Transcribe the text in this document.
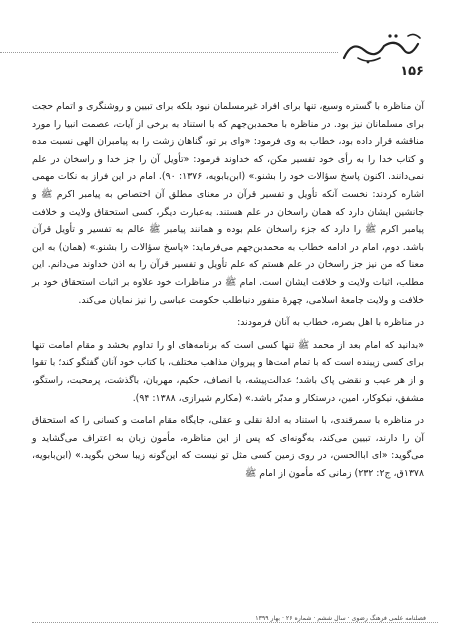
۱۵۶

آن مناظره با گستره وسیع، تنها برای افراد غیرمسلمان نبود بلکه برای تبیین و روشنگری و اتمام حجت برای مسلمانان نیز بود. در مناظره با محمدبن‌جهم که با استناد به برخی از آیات، عصمت انبیا را مورد مناقشه قرار داده بود، خطاب به وی فرمود: «وای بر تو، گناهان زشت را به پیامبران الهی نسبت مده و کتاب خدا را به رأی خود تفسیر مکن، که خداوند فرمود: «تأویل آن را جز خدا و راسخان در علم نمی‌دانند. اکنون پاسخ سؤالات خود را بشنو.» (ابن‌بابویه، ۱۳۷۶: ۹۰). امام در این فراز به نکات مهمی اشاره کردند: نخست آنکه تأویل و تفسیر قرآن در معنای مطلق آن اختصاص به پیامبر اکرم ﷺ و جانشین ایشان دارد که همان راسخان در علم هستند. به‌عبارت دیگر، کسی استحقاق ولایت و خلافت پیامبر اکرم ﷺ را دارد که جزء راسخان علم بوده و همانند پیامبر ﷺ عالم به تفسیر و تأویل قرآن باشد. دوم، امام در ادامه خطاب به محمدبن‌جهم می‌فرماید: «پاسخ سؤالات را بشنو.» (همان) به این معنا که من نیز جز راسخان در علم هستم که علم تأویل و تفسیر قرآن را به اذن خداوند می‌دانم. این مطلب، اثبات ولایت و خلافت ایشان است. امام ﷺ در مناظرات خود علاوه بر اثبات استحقاق خود بر خلافت و ولایت جامعهٔ اسلامی، چهرهٔ منفور دنباطلب حکومت عباسی را نیز نمایان می‌کند.

در مناظره با اهل بصره، خطاب به آنان فرمودند:

«بدانید که امام بعد از محمد ﷺ تنها کسی است که برنامه‌های او را تداوم بخشد و مقام امامت تنها برای کسی زیبنده است که با تمام امت‌ها و پیروان مذاهب مختلف، با کتاب خود آنان گفتگو کند؛ با تقوا و از هر عیب و نقضی پاک باشد؛ عدالت‌پیشه، با انصاف، حکیم، مهربان، باگذشت، پرمحبت، راستگو، مشفق، نیکوکار، امین، درستکار و مدبّر باشد.» (مکارم شیرازی، ۱۳۸۸: ۹۴).

در مناظره با سمرقندی، با استناد به ادلهٔ نقلی و عقلی، جایگاه مقام امامت و کسانی را که استحقاق آن را دارند، تبیین می‌کند، به‌گونه‌ای که پس از این مناظره، مأمون زبان به اعتراف می‌گشاید و می‌گوید: «ای اباالحسن، در روی زمین کسی مثل تو نیست که این‌گونه زیبا سخن بگوید.» (ابن‌بابویه، ۱۳۷۸ق، ج۲: ۲۳۲) زمانی که مأمون از امام ﷺ

فصلنامه علمی فرهنگ رضوی · سال ششم · شماره ۲۶ · بهار ۱۳۹۹
